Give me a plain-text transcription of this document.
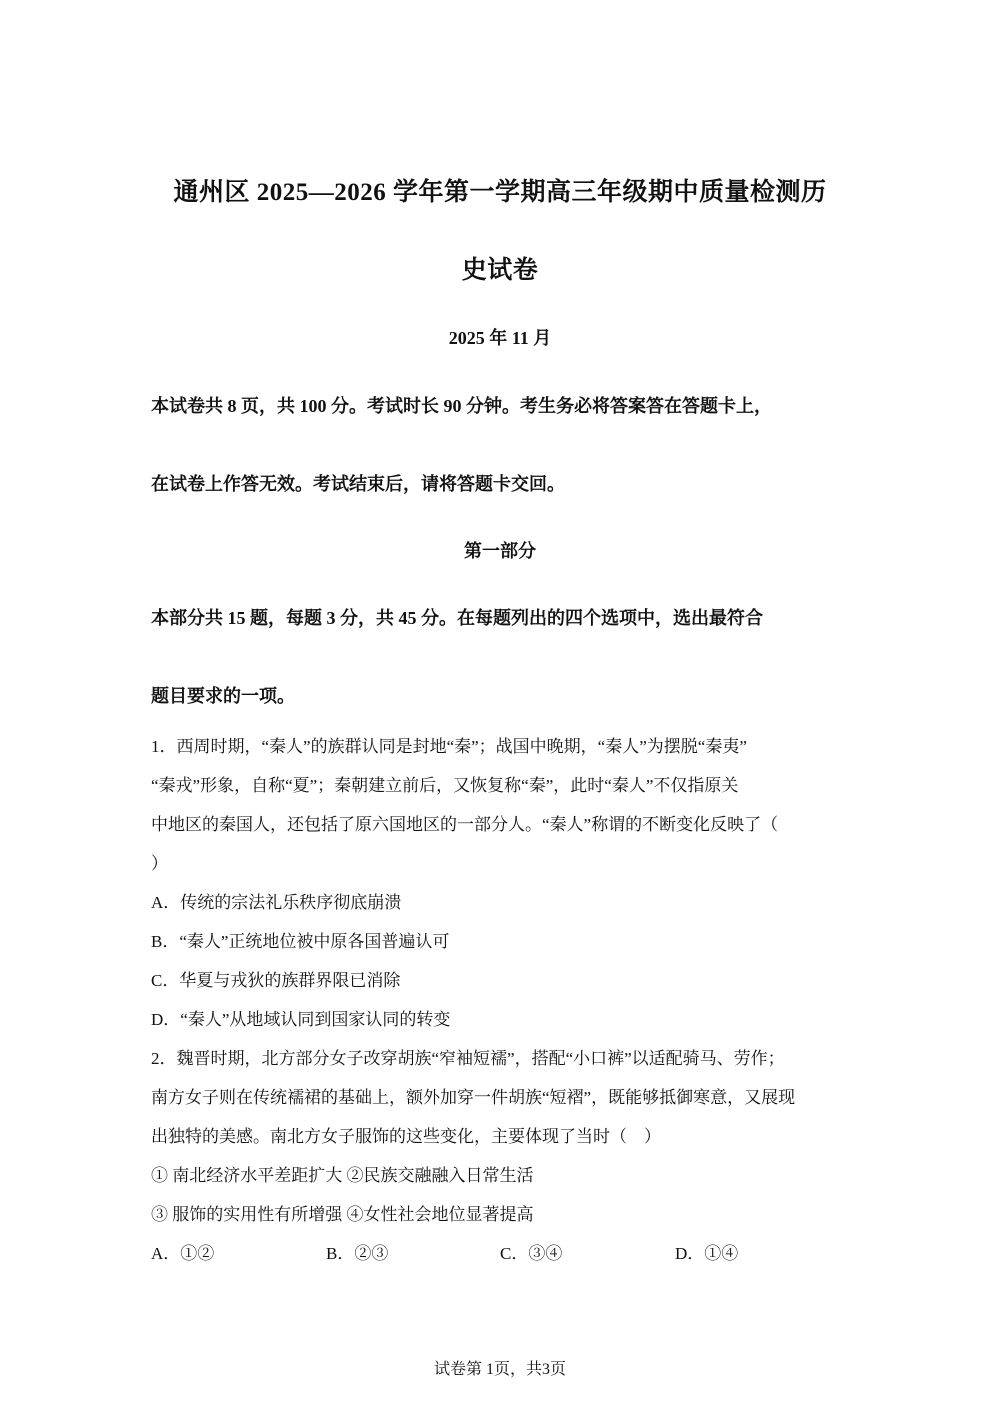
通州区 2025—2026 学年第一学期高三年级期中质量检测历
史试卷
2025 年 11 月
本试卷共 8 页，共 100 分。考试时长 90 分钟。考生务必将答案答在答题卡上，
在试卷上作答无效。考试结束后，请将答题卡交回。
第一部分
本部分共 15 题，每题 3 分，共 45 分。在每题列出的四个选项中，选出最符合
题目要求的一项。
1．西周时期，“秦人”的族群认同是封地“秦”；战国中晚期，“秦人”为摆脱“秦夷”
“秦戎”形象，自称“夏”；秦朝建立前后，又恢复称“秦”，此时“秦人”不仅指原关
中地区的秦国人，还包括了原六国地区的一部分人。“秦人”称谓的不断变化反映了（
）
A．传统的宗法礼乐秩序彻底崩溃
B．“秦人”正统地位被中原各国普遍认可
C．华夏与戎狄的族群界限已消除
D．“秦人”从地域认同到国家认同的转变
2．魏晋时期，北方部分女子改穿胡族“窄袖短襦”，搭配“小口裤”以适配骑马、劳作；
南方女子则在传统襦裙的基础上，额外加穿一件胡族“短褶”，既能够抵御寒意，又展现
出独特的美感。南北方女子服饰的这些变化，主要体现了当时（　）
① 南北经济水平差距扩大 ②民族交融融入日常生活
③ 服饰的实用性有所增强 ④女性社会地位显著提高
A．①②	B．②③	C．③④	D．①④
试卷第 1页，共3页
